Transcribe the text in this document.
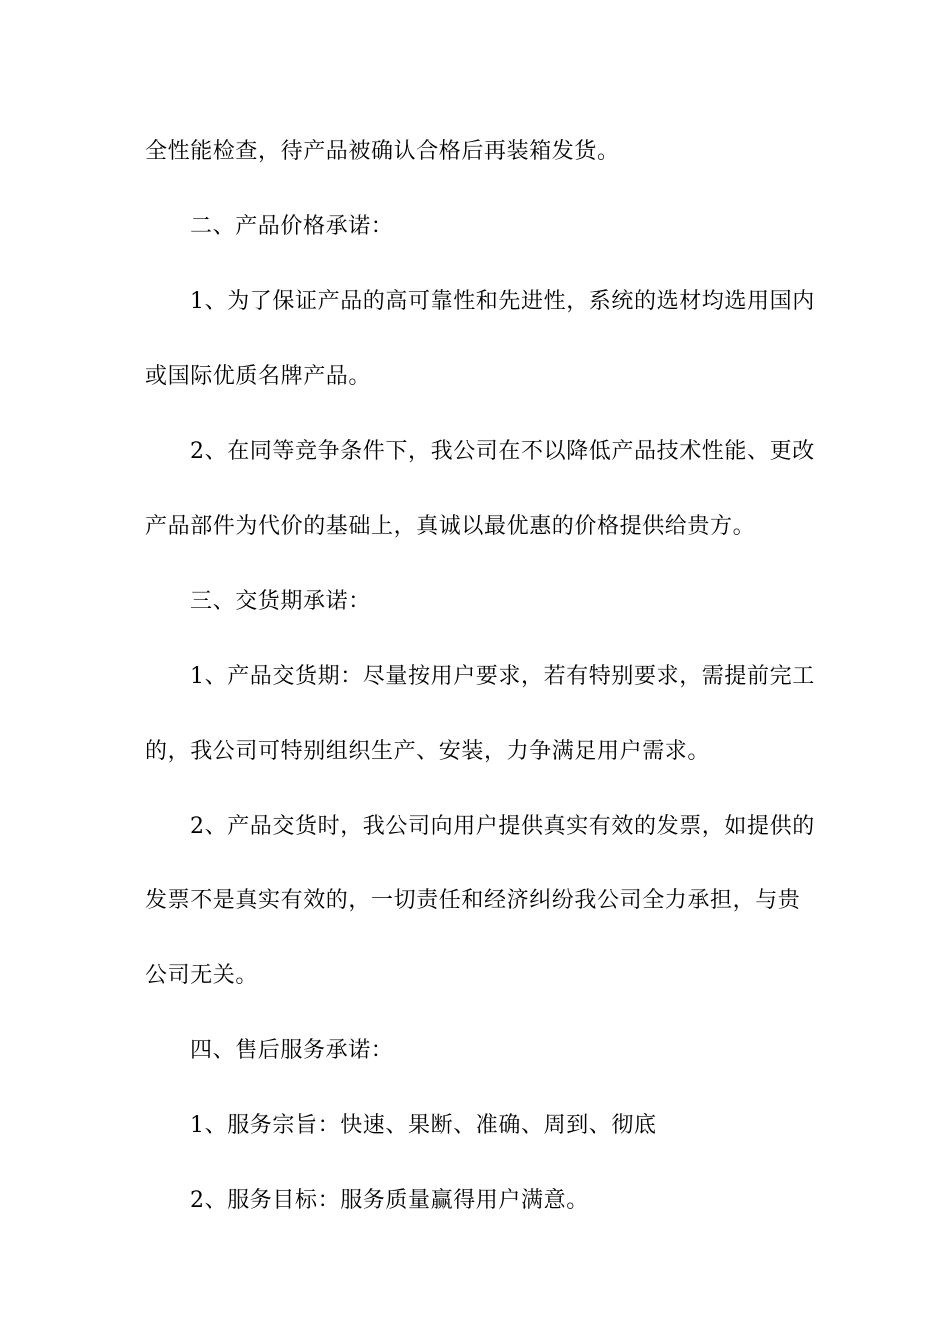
全性能检查，待产品被确认合格后再装箱发货。
二、产品价格承诺：
1、为了保证产品的高可靠性和先进性，系统的选材均选用国内
或国际优质名牌产品。
2、在同等竞争条件下，我公司在不以降低产品技术性能、更改
产品部件为代价的基础上，真诚以最优惠的价格提供给贵方。
三、交货期承诺：
1、产品交货期：尽量按用户要求，若有特别要求，需提前完工
的，我公司可特别组织生产、安装，力争满足用户需求。
2、产品交货时，我公司向用户提供真实有效的发票，如提供的
发票不是真实有效的，一切责任和经济纠纷我公司全力承担，与贵
公司无关。
四、售后服务承诺：
1、服务宗旨：快速、果断、准确、周到、彻底
2、服务目标：服务质量赢得用户满意。
